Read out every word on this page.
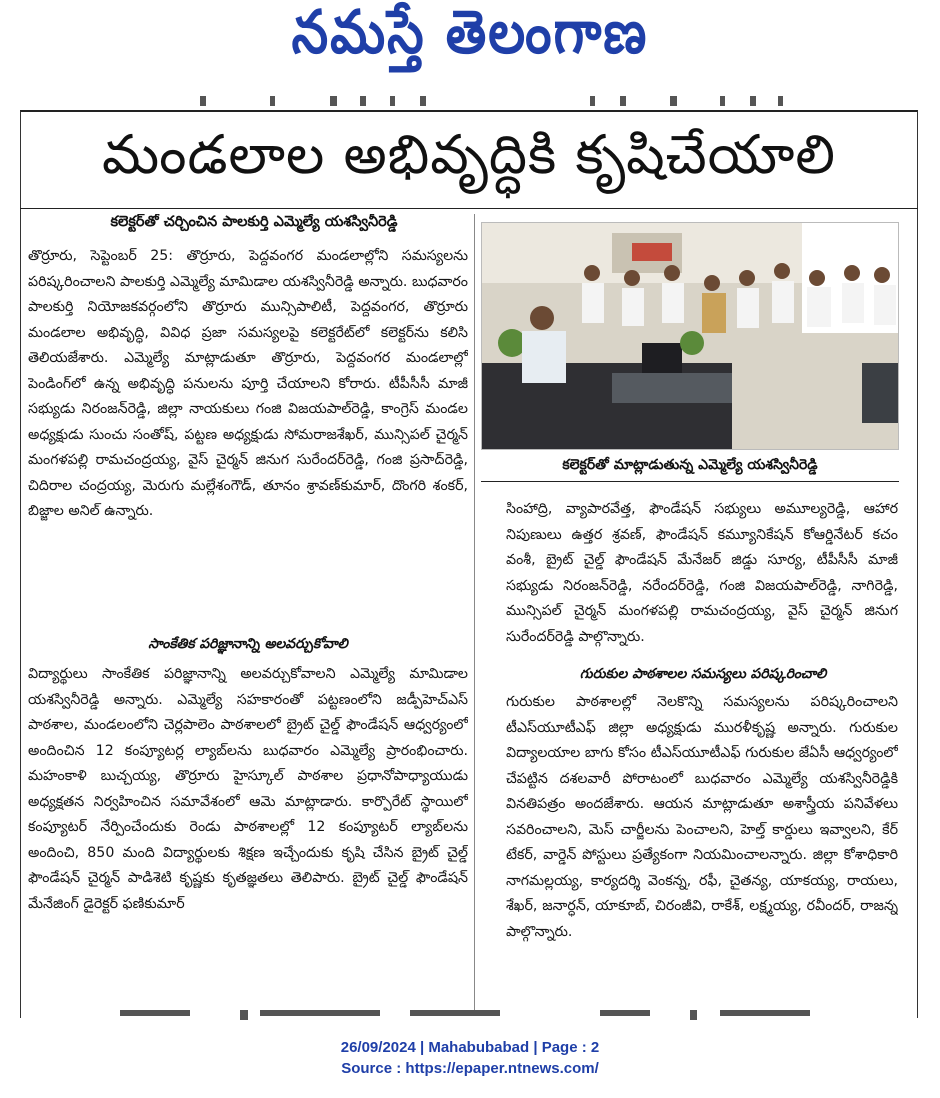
నమస్తే తెలంగాణ
మండలాల అభివృద్ధికి కృషిచేయాలి
కలెక్టర్‌తో చర్చించిన పాలకుర్తి ఎమ్మెల్యే యశస్వినీరెడ్డి

తొర్రూరు, సెప్టెంబర్ 25: తొర్రూరు, పెద్దవంగర మండలాల్లోని సమస్యలను పరిష్కరించాలని పాలకుర్తి ఎమ్మెల్యే మామిడాల యశస్వినీరెడ్డి అన్నారు. బుధవారం పాలకుర్తి నియోజకవర్గంలోని తొర్రూరు మున్సిపాలిటీ, పెద్దవంగర, తొర్రూరు మండలాల అభివృద్ధి, వివిధ ప్రజా సమస్యలపై కలెక్టరేట్‌లో కలెక్టర్‌ను కలిసి తెలియజేశారు. ఎమ్మెల్యే మాట్లాడుతూ తొర్రూరు, పెద్దవంగర మండలాల్లో పెండింగ్‌లో ఉన్న అభివృద్ధి పనులను పూర్తి చేయాలని కోరారు. టీపీసీసీ మాజీ సభ్యుడు నిరంజన్‌రెడ్డి, జిల్లా నాయకులు గంజి విజయపాల్‌రెడ్డి, కాంగ్రెస్ మండల అధ్యక్షుడు సుంచు సంతోష్, పట్టణ అధ్యక్షుడు సోమరాజశేఖర్, మున్సిపల్ చైర్మన్ మంగళపల్లి రామచంద్రయ్య, వైస్ చైర్మన్ జినుగ సురేందర్‌రెడ్డి, గంజి ప్రసాద్‌రెడ్డి, చిదిరాల చంద్రయ్య, మెరుగు మల్లేశంగౌడ్, తూనం శ్రావణ్‌కుమార్, దొంగరి శంకర్, బిజ్జాల అనిల్ ఉన్నారు.

సాంకేతిక పరిజ్ఞానాన్ని అలవర్చుకోవాలి

విద్యార్థులు సాంకేతిక పరిజ్ఞానాన్ని అలవర్చుకోవాలని ఎమ్మెల్యే మామిడాల యశస్వినీరెడ్డి అన్నారు. ఎమ్మెల్యే సహకారంతో పట్టణంలోని జడ్పీహెచ్ఎస్ పాఠశాల, మండలంలోని చెర్లపాలెం పాఠశాలలో బ్రైట్ చైల్డ్ ఫౌండేషన్ ఆధ్వర్యంలో అందించిన 12 కంప్యూటర్ల ల్యాబ్‌లను బుధవారం ఎమ్మెల్యే ప్రారంభించారు. మహంకాళి బుచ్చయ్య, తొర్రూరు హైస్కూల్ పాఠశాల ప్రధానోపాధ్యాయుడు అధ్యక్షతన నిర్వహించిన సమావేశంలో ఆమె మాట్లాడారు. కార్పొరేట్ స్థాయిలో కంప్యూటర్ నేర్పించేందుకు రెండు పాఠశాలల్లో 12 కంప్యూటర్ ల్యాబ్‌లను అందించి, 850 మంది విద్యార్థులకు శిక్షణ ఇచ్చేందుకు కృషి చేసిన బ్రైట్ చైల్డ్ ఫౌండేషన్ చైర్మన్ పాడిశెటి కృష్ణకు కృతజ్ఞతలు తెలిపారు. బ్రైట్ చైల్డ్ ఫౌండేషన్ మేనేజింగ్ డైరెక్టర్ ఫణికుమార్

కలెక్టర్‌తో మాట్లాడుతున్న ఎమ్మెల్యే యశస్వినీరెడ్డి

సింహాద్రి, వ్యాపారవేత్త, ఫౌండేషన్ సభ్యులు అమూల్యరెడ్డి, ఆహార నిపుణులు ఉత్తర శ్రవణ్, ఫౌండేషన్ కమ్యూనికేషన్ కోఆర్డినేటర్ కచం వంశీ, బ్రైట్ చైల్డ్ ఫౌండేషన్ మేనేజర్ జిడ్డు సూర్య, టీపీసీసీ మాజీ సభ్యుడు నిరంజన్‌రెడ్డి, నరేందర్‌రెడ్డి, గంజి విజయపాల్‌రెడ్డి, నాగిరెడ్డి, మున్సిపల్ చైర్మన్ మంగళపల్లి రామచంద్రయ్య, వైస్ చైర్మన్ జినుగ సురేందర్‌రెడ్డి పాల్గొన్నారు.

గురుకుల పాఠశాలల సమస్యలు పరిష్కరించాలి

గురుకుల పాఠశాలల్లో నెలకొన్ని సమస్యలను పరిష్కరించాలని టీఎస్‌యూటీఎఫ్ జిల్లా అధ్యక్షుడు మురళీకృష్ణ అన్నారు. గురుకుల విద్యాలయాల బాగు కోసం టీఎస్‌యూటీఎఫ్ గురుకుల జేఏసీ ఆధ్వర్యంలో చేపట్టిన దశలవారీ పోరాటంలో బుధవారం ఎమ్మెల్యే యశస్వినీరెడ్డికి వినతిపత్రం అందజేశారు. ఆయన మాట్లాడుతూ అశాస్త్రీయ పనివేళలు సవరించాలని, మెస్ చార్జీలను పెంచాలని, హెల్త్ కార్డులు ఇవ్వాలని, కేర్ టేకర్, వార్డెన్ పోస్టులు ప్రత్యేకంగా నియమించాలన్నారు. జిల్లా కోశాధికారి నాగమల్లయ్య, కార్యదర్శి వెంకన్న, రఫీ, చైతన్య, యాకయ్య, రాయలు, శేఖర్, జనార్ధన్, యాకూబ్, చిరంజీవి, రాకేశ్, లక్ష్మయ్య, రవీందర్, రాజన్న పాల్గొన్నారు.

26/09/2024 | Mahabubabad | Page : 2
Source : https://epaper.ntnews.com/
